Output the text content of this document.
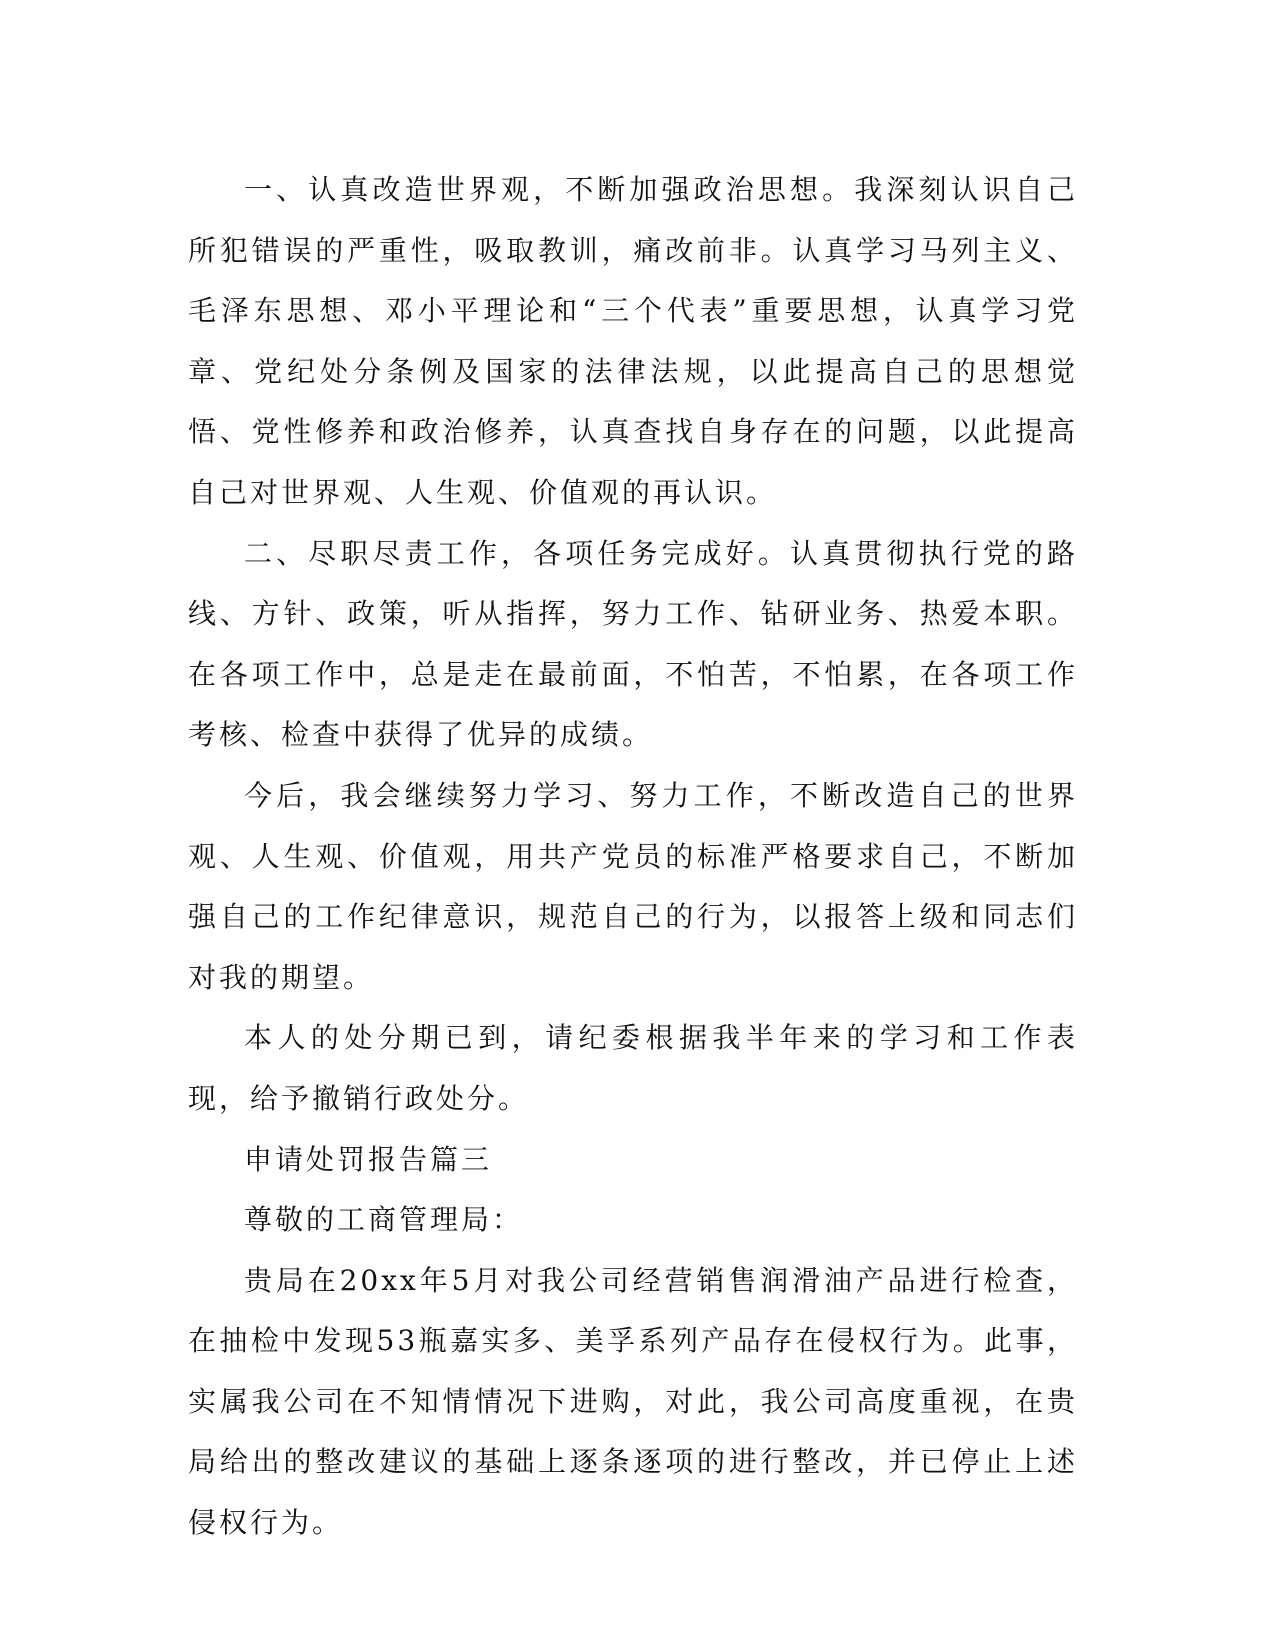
一、认真改造世界观，不断加强政治思想。我深刻认识自己所犯错误的严重性，吸取教训，痛改前非。认真学习马列主义、毛泽东思想、邓小平理论和“三个代表”重要思想，认真学习党章、党纪处分条例及国家的法律法规，以此提高自己的思想觉悟、党性修养和政治修养，认真查找自身存在的问题，以此提高自己对世界观、人生观、价值观的再认识。

二、尽职尽责工作，各项任务完成好。认真贯彻执行党的路线、方针、政策，听从指挥，努力工作、钻研业务、热爱本职。在各项工作中，总是走在最前面，不怕苦，不怕累，在各项工作考核、检查中获得了优异的成绩。

今后，我会继续努力学习、努力工作，不断改造自己的世界观、人生观、价值观，用共产党员的标准严格要求自己，不断加强自己的工作纪律意识，规范自己的行为，以报答上级和同志们对我的期望。

本人的处分期已到，请纪委根据我半年来的学习和工作表现，给予撤销行政处分。

申请处罚报告篇三

尊敬的工商管理局：

贵局在20xx年5月对我公司经营销售润滑油产品进行检查，在抽检中发现53瓶嘉实多、美孚系列产品存在侵权行为。此事，实属我公司在不知情情况下进购，对此，我公司高度重视，在贵局给出的整改建议的基础上逐条逐项的进行整改，并已停止上述侵权行为。
